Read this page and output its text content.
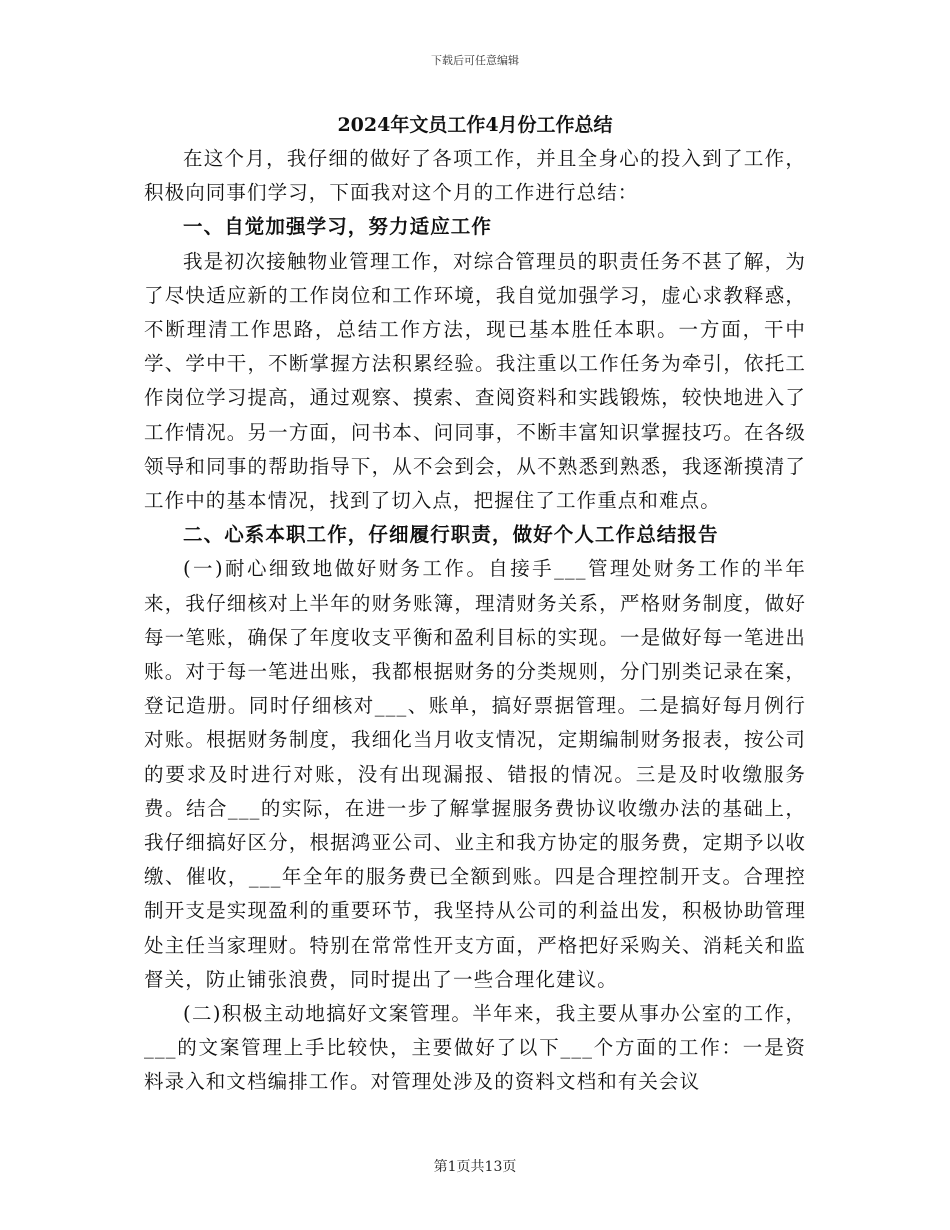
下载后可任意编辑

2024年文员工作4月份工作总结

在这个月，我仔细的做好了各项工作，并且全身心的投入到了工作，积极向同事们学习，下面我对这个月的工作进行总结：

一、自觉加强学习，努力适应工作

我是初次接触物业管理工作，对综合管理员的职责任务不甚了解，为了尽快适应新的工作岗位和工作环境，我自觉加强学习，虚心求教释惑，不断理清工作思路，总结工作方法，现已基本胜任本职。一方面，干中学、学中干，不断掌握方法积累经验。我注重以工作任务为牵引，依托工作岗位学习提高，通过观察、摸索、查阅资料和实践锻炼，较快地进入了工作情况。另一方面，问书本、问同事，不断丰富知识掌握技巧。在各级领导和同事的帮助指导下，从不会到会，从不熟悉到熟悉，我逐渐摸清了工作中的基本情况，找到了切入点，把握住了工作重点和难点。

二、心系本职工作，仔细履行职责，做好个人工作总结报告

(一)耐心细致地做好财务工作。自接手___管理处财务工作的半年来，我仔细核对上半年的财务账簿，理清财务关系，严格财务制度，做好每一笔账，确保了年度收支平衡和盈利目标的实现。一是做好每一笔进出账。对于每一笔进出账，我都根据财务的分类规则，分门别类记录在案，登记造册。同时仔细核对___、账单，搞好票据管理。二是搞好每月例行对账。根据财务制度，我细化当月收支情况，定期编制财务报表，按公司的要求及时进行对账，没有出现漏报、错报的情况。三是及时收缴服务费。结合___的实际，在进一步了解掌握服务费协议收缴办法的基础上，我仔细搞好区分，根据鸿亚公司、业主和我方协定的服务费，定期予以收缴、催收，___年全年的服务费已全额到账。四是合理控制开支。合理控制开支是实现盈利的重要环节，我坚持从公司的利益出发，积极协助管理处主任当家理财。特别在常常性开支方面，严格把好采购关、消耗关和监督关，防止铺张浪费，同时提出了一些合理化建议。

(二)积极主动地搞好文案管理。半年来，我主要从事办公室的工作，___的文案管理上手比较快，主要做好了以下___个方面的工作：一是资料录入和文档编排工作。对管理处涉及的资料文档和有关会议

第1页共13页
